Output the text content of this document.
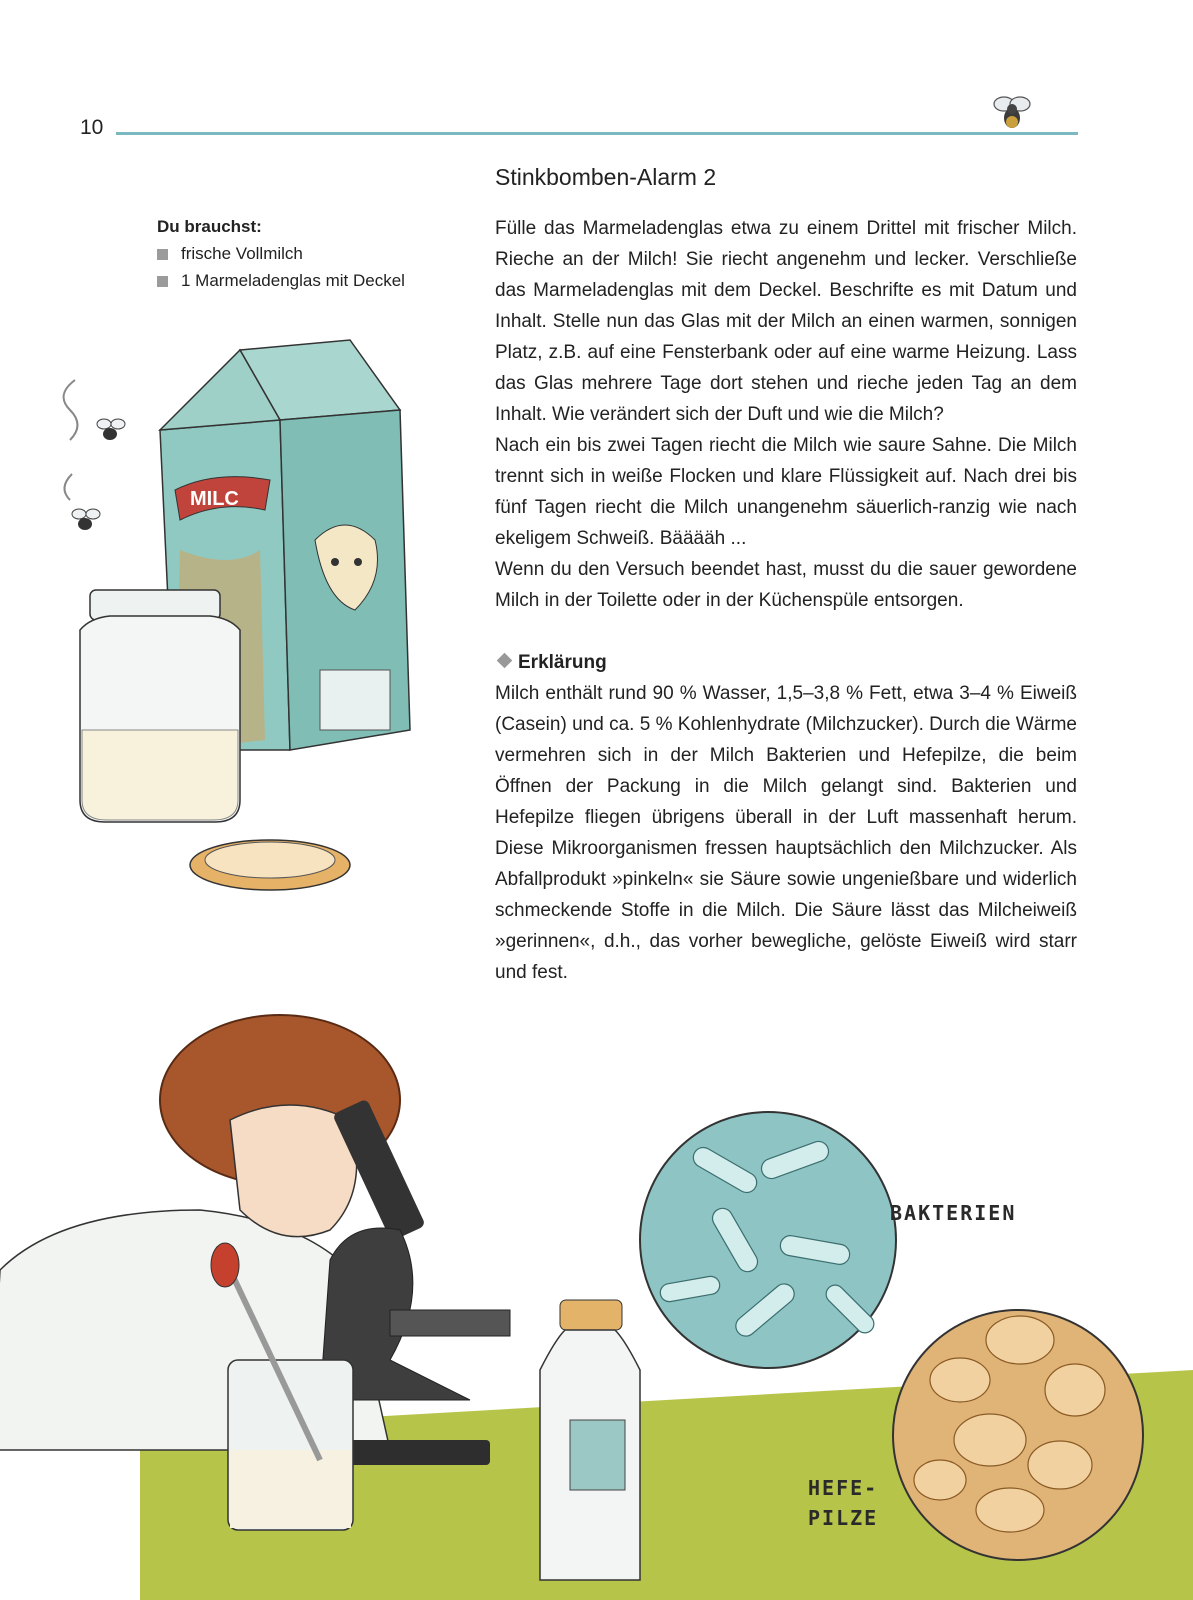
10
Du brauchst:
frische Vollmilch
1 Marmeladenglas mit Deckel
Stinkbomben-Alarm 2

Fülle das Marmeladenglas etwa zu einem Drittel mit frischer Milch. Rieche an der Milch! Sie riecht angenehm und lecker. Verschließe das Marmeladenglas mit dem Deckel. Beschrifte es mit Datum und Inhalt. Stelle nun das Glas mit der Milch an einen warmen, sonnigen Platz, z.B. auf eine Fensterbank oder auf eine warme Heizung. Lass das Glas mehrere Tage dort stehen und rieche jeden Tag an dem Inhalt. Wie verändert sich der Duft und wie die Milch?

Nach ein bis zwei Tagen riecht die Milch wie saure Sahne. Die Milch trennt sich in weiße Flocken und klare Flüssigkeit auf. Nach drei bis fünf Tagen riecht die Milch unangenehm säuerlich-ranzig wie nach ekeligem Schweiß. Bääääh ...

Wenn du den Versuch beendet hast, musst du die sauer gewordene Milch in der Toilette oder in der Küchenspüle entsorgen.

Erklärung

Milch enthält rund 90 % Wasser, 1,5–3,8 % Fett, etwa 3–4 % Eiweiß (Casein) und ca. 5 % Kohlenhydrate (Milchzucker). Durch die Wärme vermehren sich in der Milch Bakterien und Hefepilze, die beim Öffnen der Packung in die Milch gelangt sind. Bakterien und Hefepilze fliegen übrigens überall in der Luft massenhaft herum. Diese Mikroorganismen fressen hauptsächlich den Milchzucker. Als Abfallprodukt »pinkeln« sie Säure sowie ungenießbare und widerlich schmeckende Stoffe in die Milch. Die Säure lässt das Milcheiweiß »gerinnen«, d.h., das vorher bewegliche, gelöste Eiweiß wird starr und fest.

MILC
BAKTERIEN
HEFE-
PILZE
